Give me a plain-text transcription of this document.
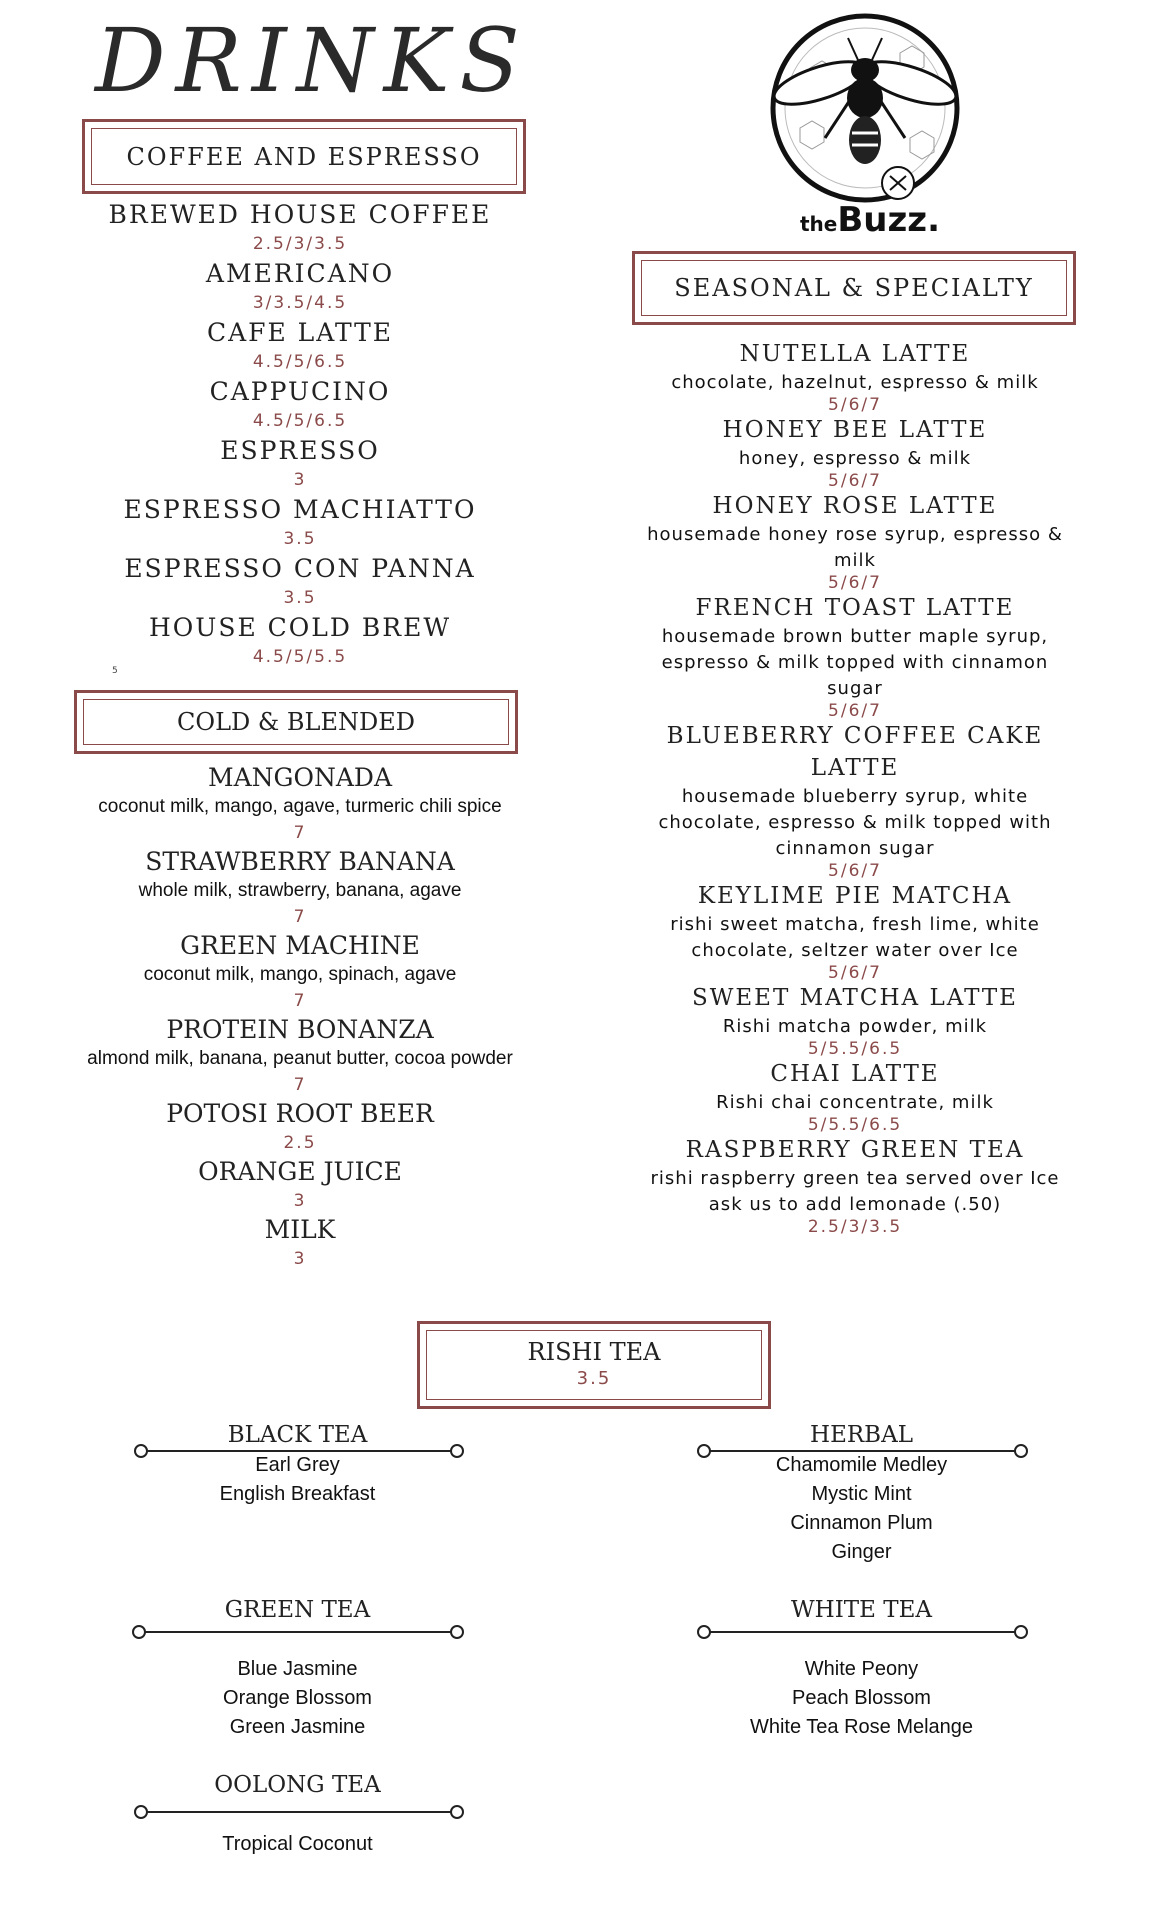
DRINKS
theBuzz.
COFFEE AND ESPRESSO
BREWED HOUSE COFFEE
2.5/3/3.5
AMERICANO
3/3.5/4.5
CAFE LATTE
4.5/5/6.5
CAPPUCINO
4.5/5/6.5
ESPRESSO
3
ESPRESSO MACHIATTO
3.5
ESPRESSO CON PANNA
3.5
HOUSE COLD BREW
4.5/5/5.5
5
COLD & BLENDED
MANGONADA
coconut milk, mango, agave, turmeric chili spice
7
STRAWBERRY BANANA
whole milk, strawberry, banana, agave
7
GREEN MACHINE
coconut milk, mango, spinach, agave
7
PROTEIN BONANZA
almond milk, banana, peanut butter, cocoa powder
7
POTOSI ROOT BEER
2.5
ORANGE JUICE
3
MILK
3
SEASONAL & SPECIALTY
NUTELLA LATTE
chocolate, hazelnut, espresso & milk
5/6/7
HONEY BEE LATTE
honey, espresso & milk
5/6/7
HONEY ROSE LATTE
housemade honey rose syrup, espresso &
milk
5/6/7
FRENCH TOAST LATTE
housemade brown butter maple syrup,
espresso & milk topped with cinnamon
sugar
5/6/7
BLUEBERRY COFFEE CAKE
LATTE
housemade blueberry syrup, white
chocolate, espresso & milk topped with
cinnamon sugar
5/6/7
KEYLIME PIE MATCHA
rishi sweet matcha, fresh lime, white
chocolate, seltzer water over Ice
5/6/7
SWEET MATCHA LATTE
Rishi matcha powder, milk
5/5.5/6.5
CHAI LATTE
Rishi chai concentrate, milk
5/5.5/6.5
RASPBERRY GREEN TEA
rishi raspberry green tea served over Ice
ask us to add lemonade (.50)
2.5/3/3.5
RISHI TEA
3.5
BLACK TEA
Earl Grey
English Breakfast
HERBAL
Chamomile Medley
Mystic Mint
Cinnamon Plum
Ginger
GREEN TEA
Blue Jasmine
Orange Blossom
Green Jasmine
WHITE TEA
White Peony
Peach Blossom
White Tea Rose Melange
OOLONG TEA
Tropical Coconut
